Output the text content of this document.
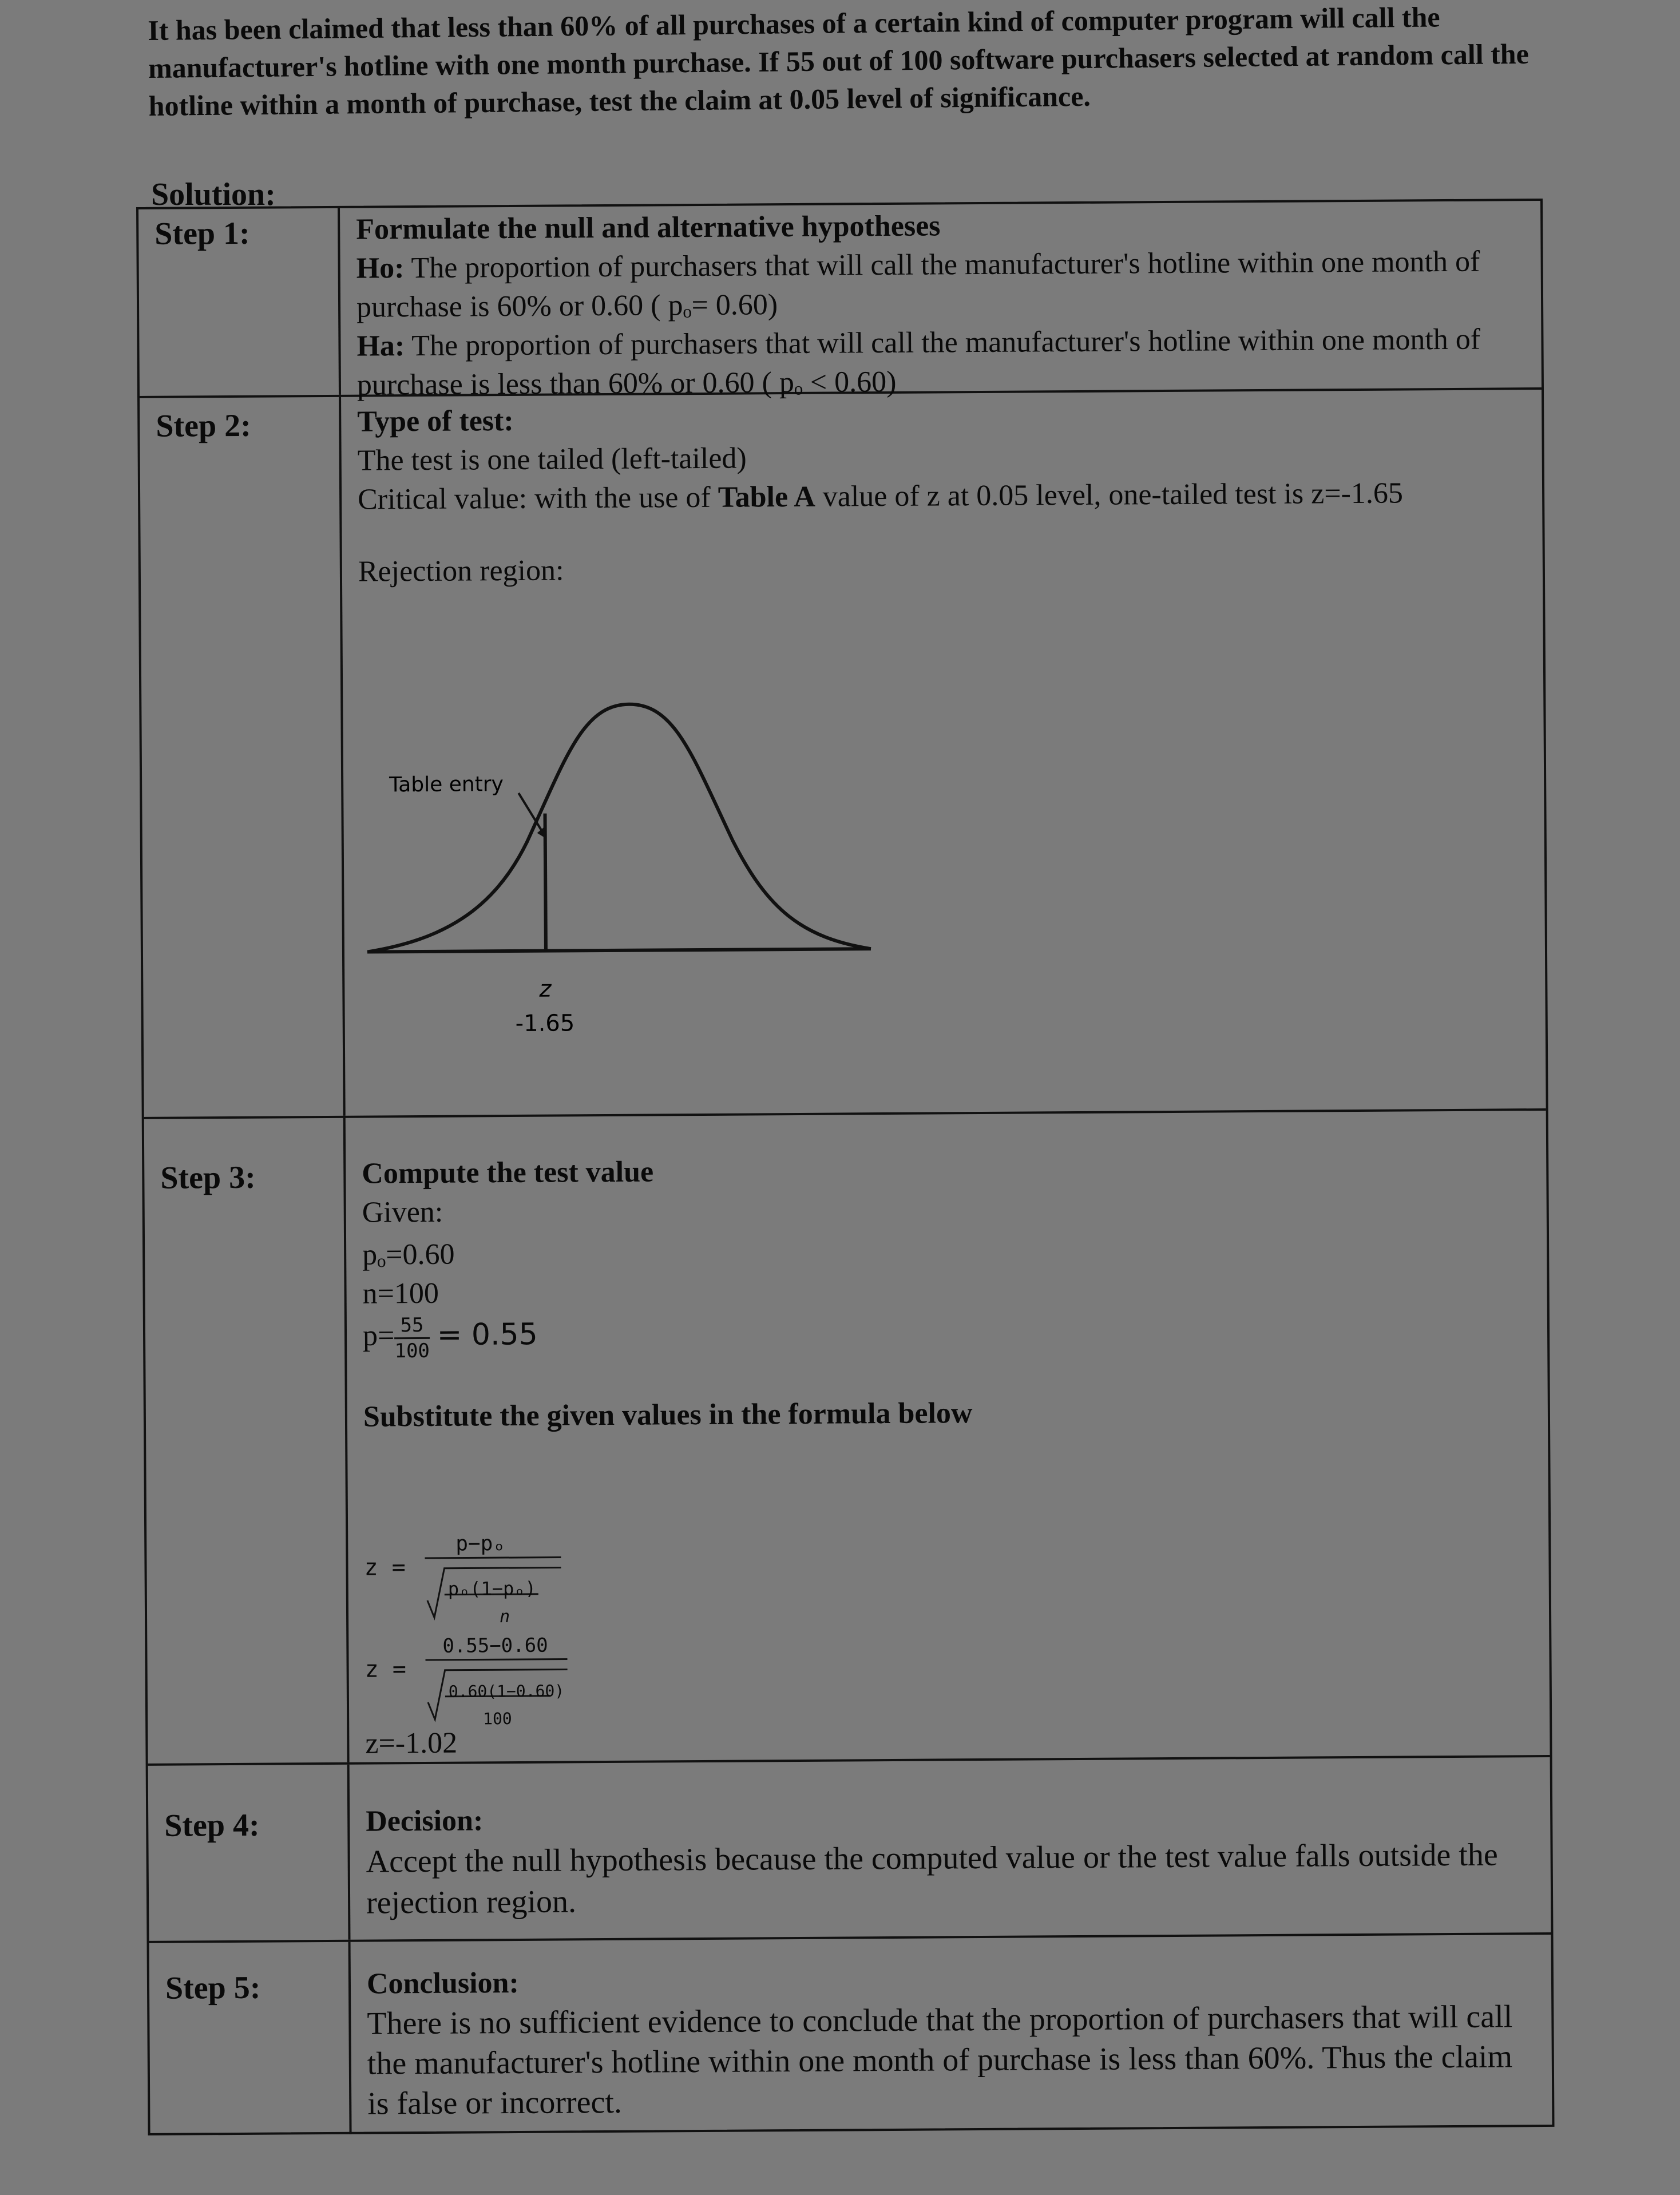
It has been claimed that less than 60% of all purchases of a certain kind of computer program will call the manufacturer's hotline with one month purchase. If 55 out of 100 software purchasers selected at random call the hotline within a month of purchase, test the claim at 0.05 level of significance.
Solution:
Step 1:	Formulate the null and alternative hypotheses

Ho: The proportion of purchasers that will call the manufacturer's hotline within one month of purchase is 60% or 0.60 ( pₒ= 0.60)

Ha: The proportion of purchasers that will call the manufacturer's hotline within one month of purchase is less than 60% or 0.60 ( pₒ < 0.60)

Step 2:	Type of test:

The test is one tailed (left-tailed)

Critical value: with the use of Table A value of z at 0.05 level, one-tailed test is z=-1.65

Rejection region:

Table entry
z
-1.65
Step 3:	Compute the test value

Given:

pₒ=0.60

n=100

$p= \frac{55}{100} = 0.55$

Substitute the given values in the formula below

z =
p−pₒ
pₒ(1−pₒ)
n
z =
0.55−0.60
0.60(1−0.60)
100

z=-1.02

Step 4:	Decision:

Accept the null hypothesis because the computed value or the test value falls outside the rejection region.

Step 5:	Conclusion:

There is no sufficient evidence to conclude that the proportion of purchasers that will call the manufacturer's hotline within one month of purchase is less than 60%. Thus the claim is false or incorrect.
